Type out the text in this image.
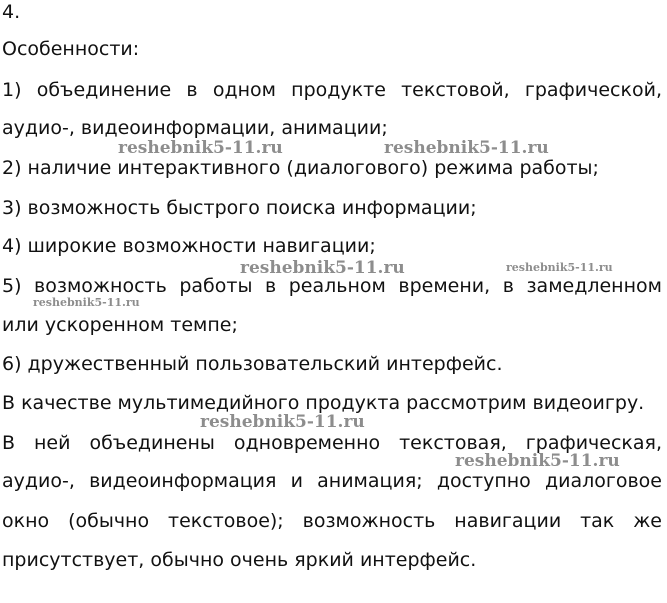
4.
Особенности:
1) объединение в одном продукте текстовой, графической,
аудио-, видеоинформации, анимации;
2) наличие интерактивного (диалогового) режима работы;
3) возможность быстрого поиска информации;
4) широкие возможности навигации;
5) возможность работы в реальном времени, в замедленном
или ускоренном темпе;
6) дружественный пользовательский интерфейс.
В качестве мультимедийного продукта рассмотрим видеоигру.
В ней объединены одновременно текстовая, графическая,
аудио-, видеоинформация и анимация; доступно диалоговое
окно (обычно текстовое); возможность навигации так же
присутствует, обычно очень яркий интерфейс.
reshebnik5-11.ru	reshebnik5-11.ru
reshebnik5-11.ru	reshebnik5-11.ru
reshebnik5-11.ru
reshebnik5-11.ru
reshebnik5-11.ru
